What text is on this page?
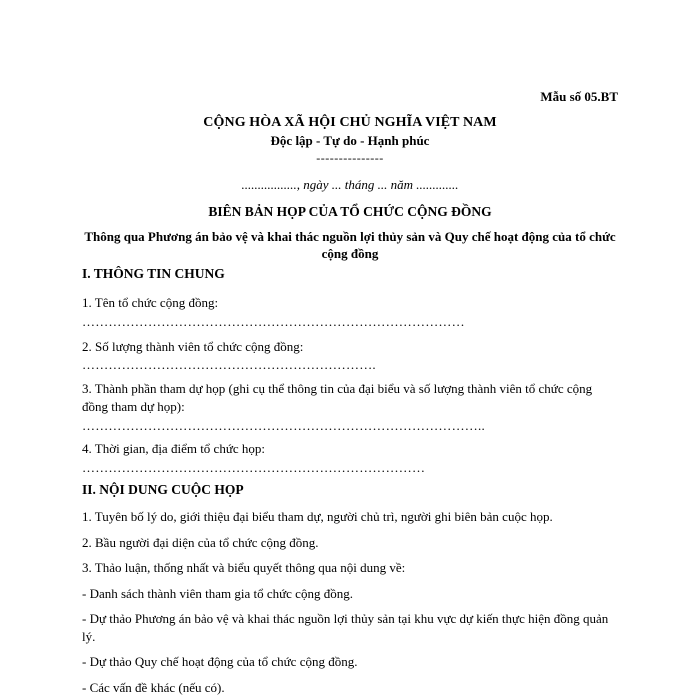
Mẫu số 05.BT
CỘNG HÒA XÃ HỘI CHỦ NGHĨA VIỆT NAM
Độc lập - Tự do - Hạnh phúc
---------------
................., ngày ... tháng ... năm .............
BIÊN BẢN HỌP CỦA TỔ CHỨC CỘNG ĐỒNG
Thông qua Phương án bảo vệ và khai thác nguồn lợi thủy sản và Quy chế hoạt động của tổ chức cộng đồng
I. THÔNG TIN CHUNG
1. Tên tổ chức cộng đồng:
……………………………………………………………………………
2. Số lượng thành viên tổ chức cộng đồng:
………………………………………………………….
3. Thành phần tham dự họp (ghi cụ thể thông tin của đại biểu và số lượng thành viên tổ chức cộng đồng tham dự họp):
………………………………………………………………………………..
4. Thời gian, địa điểm tổ chức họp:
……………………………………………………………………
II. NỘI DUNG CUỘC HỌP
1. Tuyên bố lý do, giới thiệu đại biểu tham dự, người chủ trì, người ghi biên bản cuộc họp.
2. Bầu người đại diện của tổ chức cộng đồng.
3. Thảo luận, thống nhất và biểu quyết thông qua nội dung về:
- Danh sách thành viên tham gia tổ chức cộng đồng.
- Dự thảo Phương án bảo vệ và khai thác nguồn lợi thủy sản tại khu vực dự kiến thực hiện đồng quản lý.
- Dự thảo Quy chế hoạt động của tổ chức cộng đồng.
- Các vấn đề khác (nếu có).
